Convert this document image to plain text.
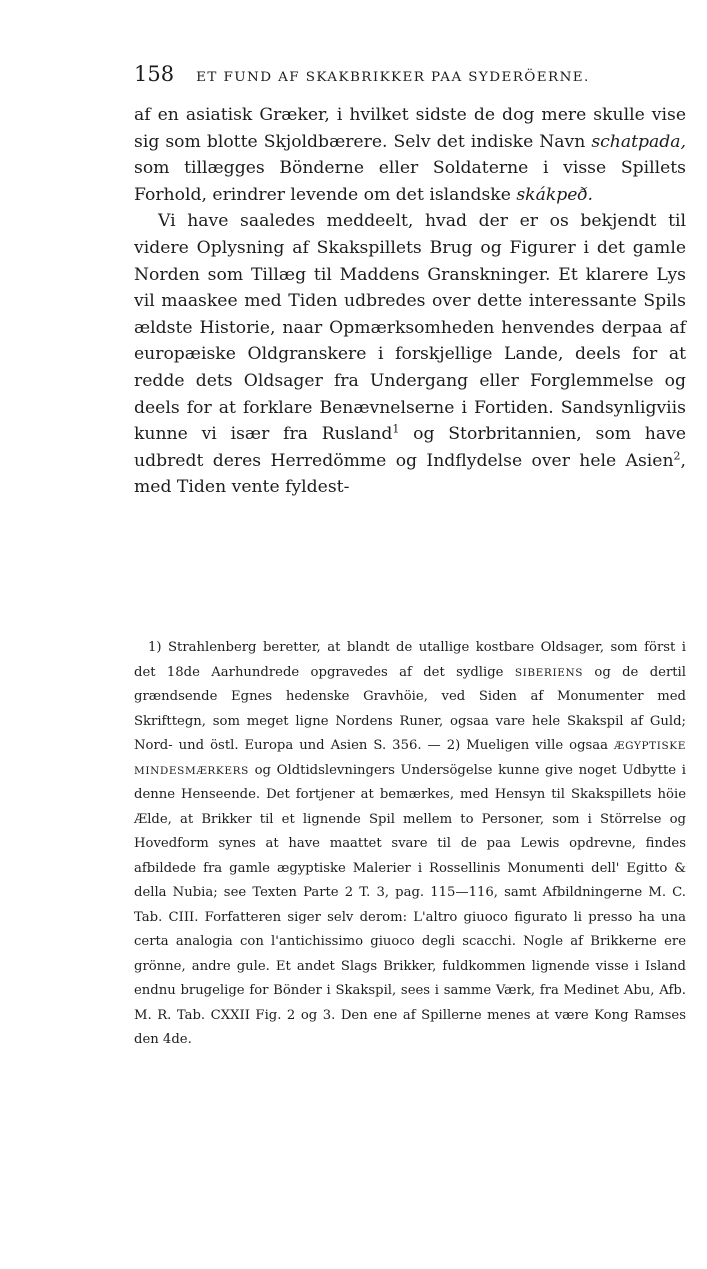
158 ET FUND AF SKAKBRIKKER PAA SYDERÖERNE.

af en asiatisk Græker, i hvilket sidste de dog mere skulle vise sig som blotte Skjoldbærere. Selv det indiske Navn schatpada, som tillægges Bönderne eller Soldaterne i visse Spillets Forhold, erindrer levende om det islandske skákpeð.

Vi have saaledes meddeelt, hvad der er os bekjendt til videre Oplysning af Skakspillets Brug og Figurer i det gamle Norden som Tillæg til Maddens Granskninger. Et klarere Lys vil maaskee med Tiden udbredes over dette interessante Spils ældste Historie, naar Opmærksomheden henvendes derpaa af europæiske Oldgranskere i forskjellige Lande, deels for at redde dets Oldsager fra Undergang eller Forglemmelse og deels for at forklare Benævnelserne i Fortiden. Sandsynligviis kunne vi især fra Rusland$^1$ og Storbritannien, som have udbredt deres Herredömme og Indflydelse over hele Asien$^2$, med Tiden vente fyldest-

1) Strahlenberg beretter, at blandt de utallige kostbare Oldsager, som först i det 18de Aarhundrede opgravedes af det sydlige SIBERIENS og de dertil grændsende Egnes hedenske Gravhöie, ved Siden af Monumenter med Skrifttegn, som meget ligne Nordens Runer, ogsaa vare hele Skakspil af Guld; Nord- und östl. Europa und Asien S. 356. — 2) Mueligen ville ogsaa ÆGYPTISKE MINDESMÆRKERS og Oldtidslevningers Undersögelse kunne give noget Udbytte i denne Henseende. Det fortjener at bemærkes, med Hensyn til Skakspillets höie Ælde, at Brikker til et lignende Spil mellem to Personer, som i Störrelse og Hovedform synes at have maattet svare til de paa Lewis opdrevne, findes afbildede fra gamle ægyptiske Malerier i Rossellinis Monumenti dell' Egitto & della Nubia; see Texten Parte 2 T. 3, pag. 115—116, samt Afbildningerne M. C. Tab. CIII. Forfatteren siger selv derom: L'altro giuoco figurato li presso ha una certa analogia con l'antichissimo giuoco degli scacchi. Nogle af Brikkerne ere grönne, andre gule. Et andet Slags Brikker, fuldkommen lignende visse i Island endnu brugelige for Bönder i Skakspil, sees i samme Værk, fra Medinet Abu, Afb. M. R. Tab. CXXII Fig. 2 og 3. Den ene af Spillerne menes at være Kong Ramses den 4de.
